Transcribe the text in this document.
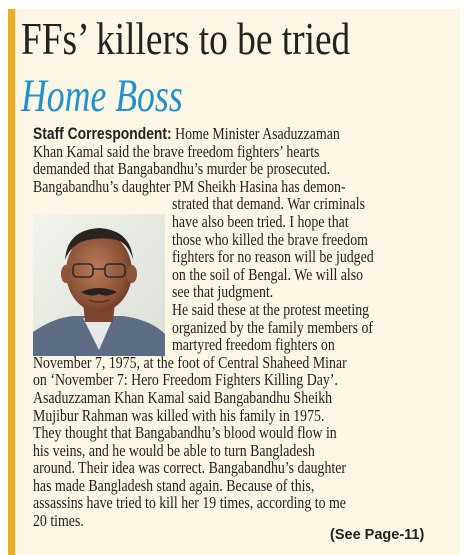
FFs’ killers to be tried
Home Boss
Staff Correspondent: Home Minister Asaduzzaman
Khan Kamal said the brave freedom fighters’ hearts
demanded that Bangabandhu’s murder be prosecuted.
Bangabandhu’s daughter PM Sheikh Hasina has demon-
strated that demand. War criminals
have also been tried. I hope that
those who killed the brave freedom
fighters for no reason will be judged
on the soil of Bengal. We will also
see that judgment.
He said these at the protest meeting
organized by the family members of
martyred freedom fighters on
November 7, 1975, at the foot of Central Shaheed Minar
on ‘November 7: Hero Freedom Fighters Killing Day’.
Asaduzzaman Khan Kamal said Bangabandhu Sheikh
Mujibur Rahman was killed with his family in 1975.
They thought that Bangabandhu’s blood would flow in
his veins, and he would be able to turn Bangladesh
around. Their idea was correct. Bangabandhu’s daughter
has made Bangladesh stand again. Because of this,
assassins have tried to kill her 19 times, according to me
20 times.
(See Page-11)
